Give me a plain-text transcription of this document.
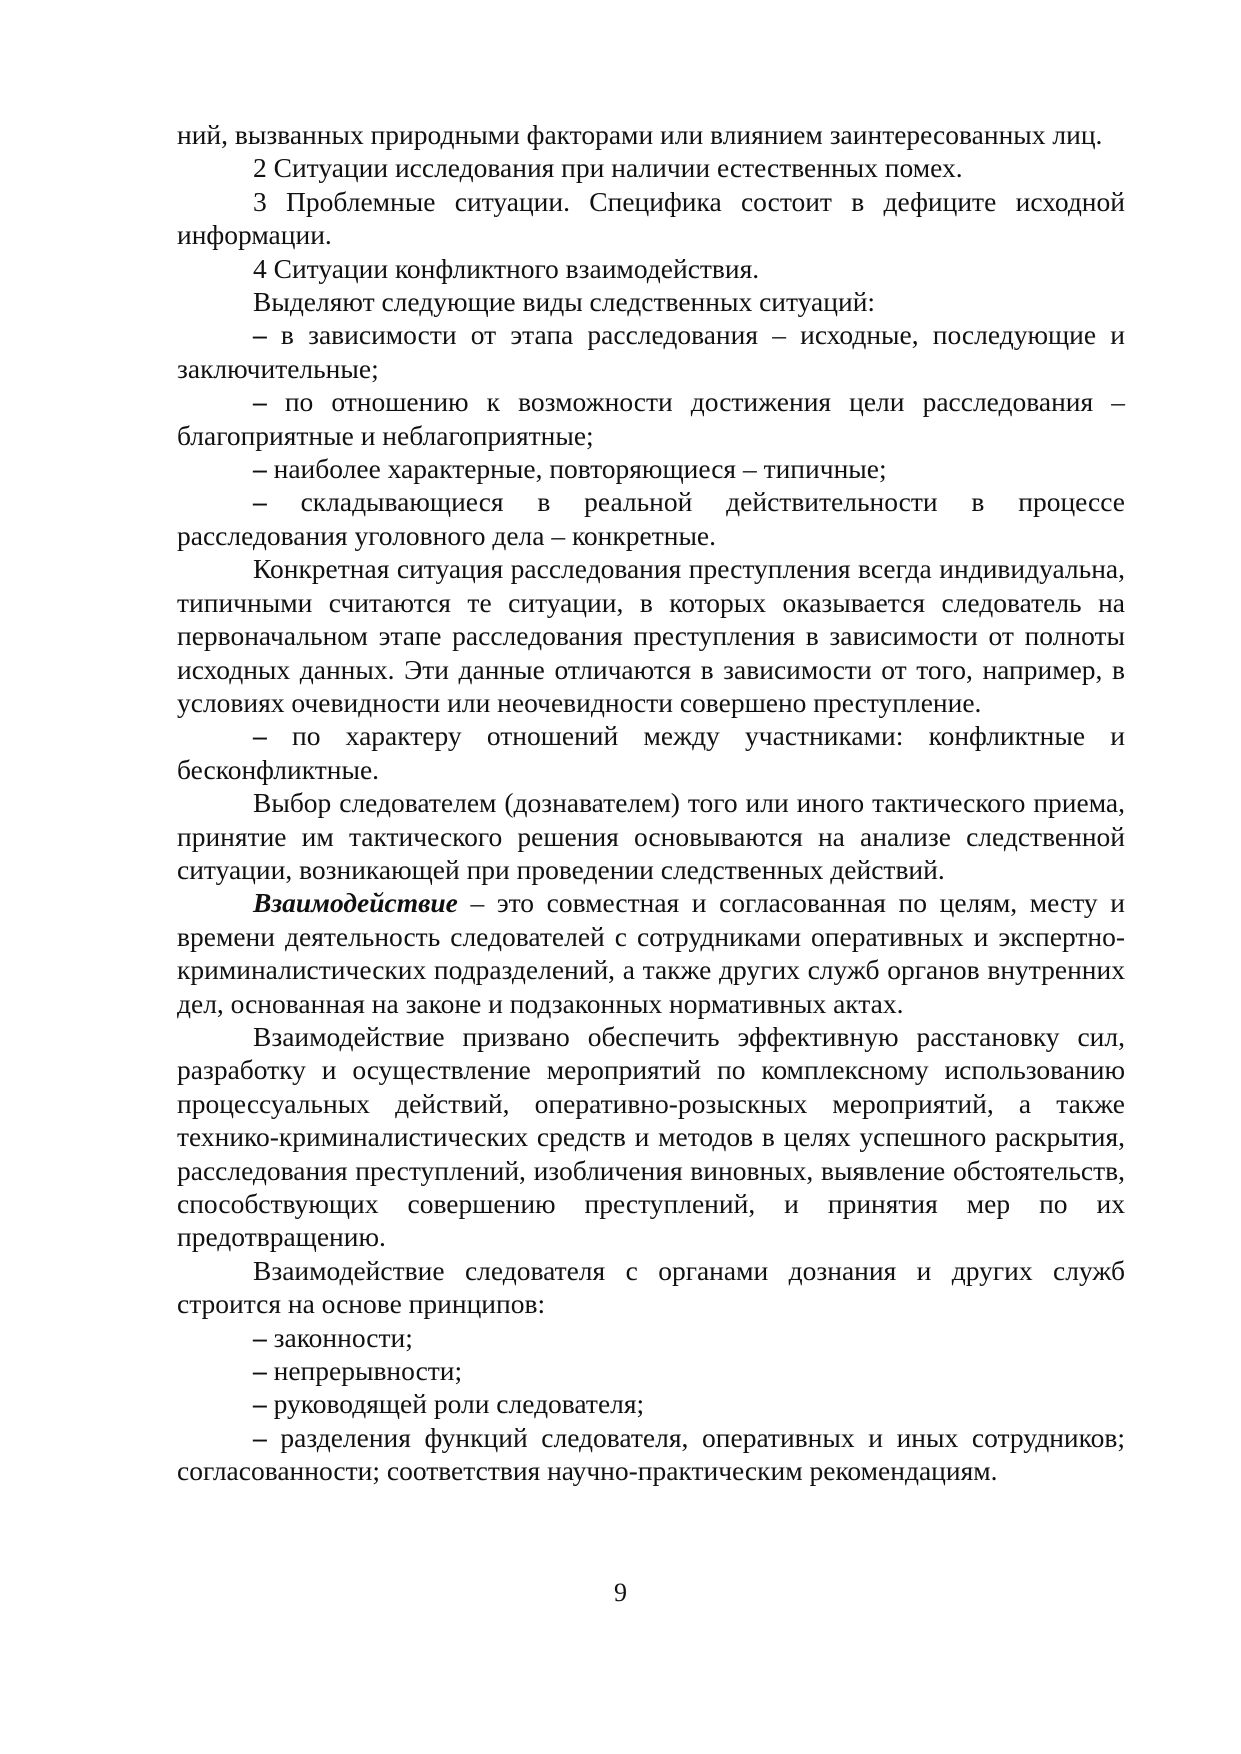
ний, вызванных природными факторами или влиянием заинтересованных лиц.

2 Ситуации исследования при наличии естественных помех.

3 Проблемные ситуации. Специфика состоит в дефиците исходной информации.

4 Ситуации конфликтного взаимодействия.

Выделяют следующие виды следственных ситуаций:

– в зависимости от этапа расследования – исходные, последующие и заключительные;

– по отношению к возможности достижения цели расследования – благоприятные и неблагоприятные;

– наиболее характерные, повторяющиеся – типичные;

– складывающиеся в реальной действительности в процессе расследования уголовного дела – конкретные.

Конкретная ситуация расследования преступления всегда индивидуальна, типичными считаются те ситуации, в которых оказывается следователь на первоначальном этапе расследования преступления в зависимости от полноты исходных данных. Эти данные отличаются в зависимости от того, например, в условиях очевидности или неочевидности совершено преступление.

– по характеру отношений между участниками: конфликтные и бесконфликтные.

Выбор следователем (дознавателем) того или иного тактического приема, принятие им тактического решения основываются на анализе следственной ситуации, возникающей при проведении следственных действий.

Взаимодействие – это совместная и согласованная по целям, месту и времени деятельность следователей с сотрудниками оперативных и экспертно-криминалистических подразделений, а также других служб органов внутренних дел, основанная на законе и подзаконных нормативных актах.

Взаимодействие призвано обеспечить эффективную расстановку сил, разработку и осуществление мероприятий по комплексному использованию процессуальных действий, оперативно-розыскных мероприятий, а также технико-криминалистических средств и методов в целях успешного раскрытия, расследования преступлений, изобличения виновных, выявление обстоятельств, способствующих совершению преступлений, и принятия мер по их предотвращению.

Взаимодействие следователя с органами дознания и других служб строится на основе принципов:

– законности;

– непрерывности;

– руководящей роли следователя;

– разделения функций следователя, оперативных и иных сотрудников; согласованности; соответствия научно-практическим рекомендациям.

9
